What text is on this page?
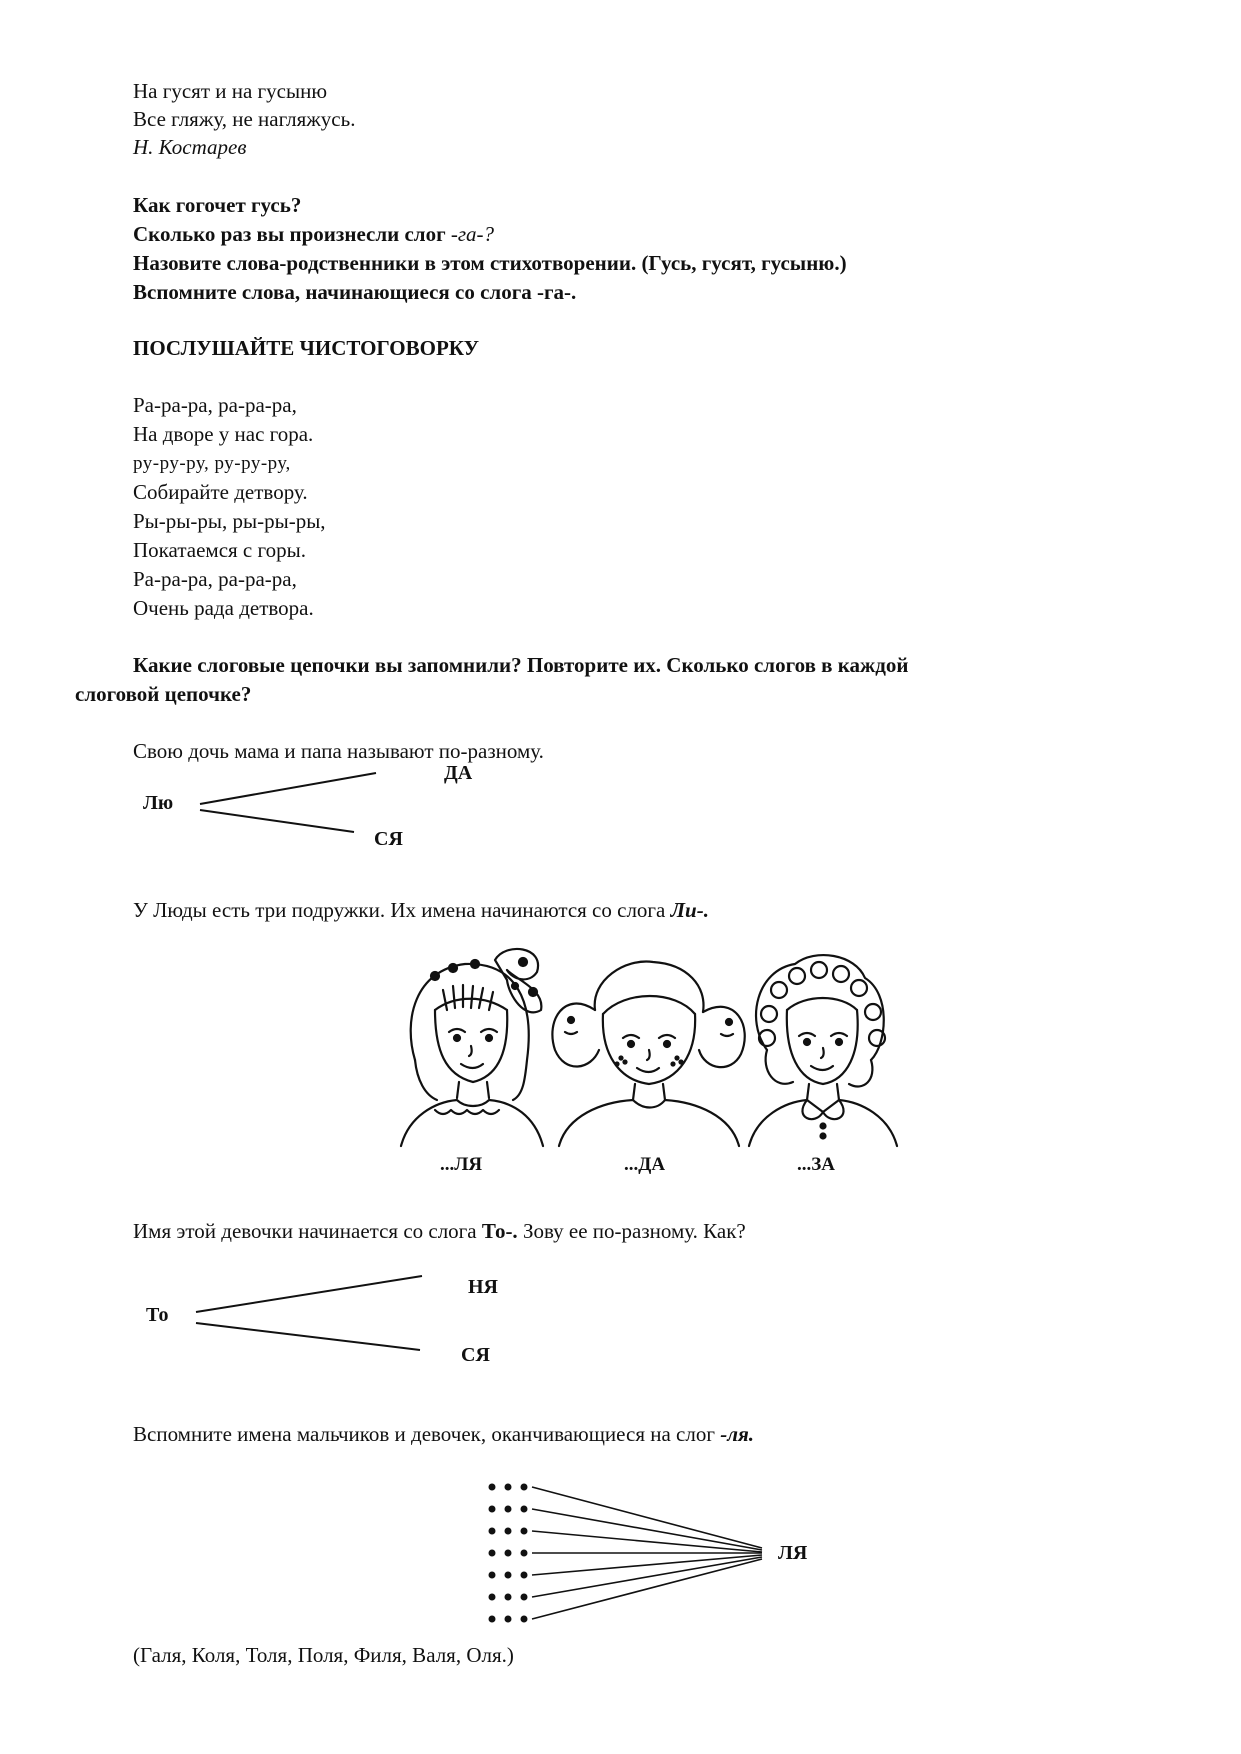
На гусят и на гусыню
Все гляжу, не нагляжусь.
Н. Костарев
Как гогочет гусь?
Сколько раз вы произнесли слог -га-?
Назовите слова-родственники в этом стихотворении. (Гусь, гусят, гусыню.)
Вспомните слова, начинающиеся со слога -га-.
ПОСЛУШАЙТЕ ЧИСТОГОВОРКУ
Ра-ра-ра, ра-ра-ра,
На дворе у нас гора.
ру-ру-ру, ру-ру-ру,
Собирайте детвору.
Ры-ры-ры, ры-ры-ры,
Покатаемся с горы.
Ра-ра-ра, ра-ра-ра,
Очень рада детвора.
Какие слоговые цепочки вы запомнили? Повторите их. Сколько слогов в каждой
слоговой цепочке?
Свою дочь мама и папа называют по-разному.
Лю
ДА
СЯ
У Люды есть три подружки. Их имена начинаются со слога Ли-.
...ЛЯ	...ДА	...ЗА
Имя этой девочки начинается со слога То-. Зову ее по-разному. Как?
То
НЯ
СЯ
Вспомните имена мальчиков и девочек, оканчивающиеся на слог -ля.
ЛЯ
(Галя, Коля, Толя, Поля, Филя, Валя, Оля.)
